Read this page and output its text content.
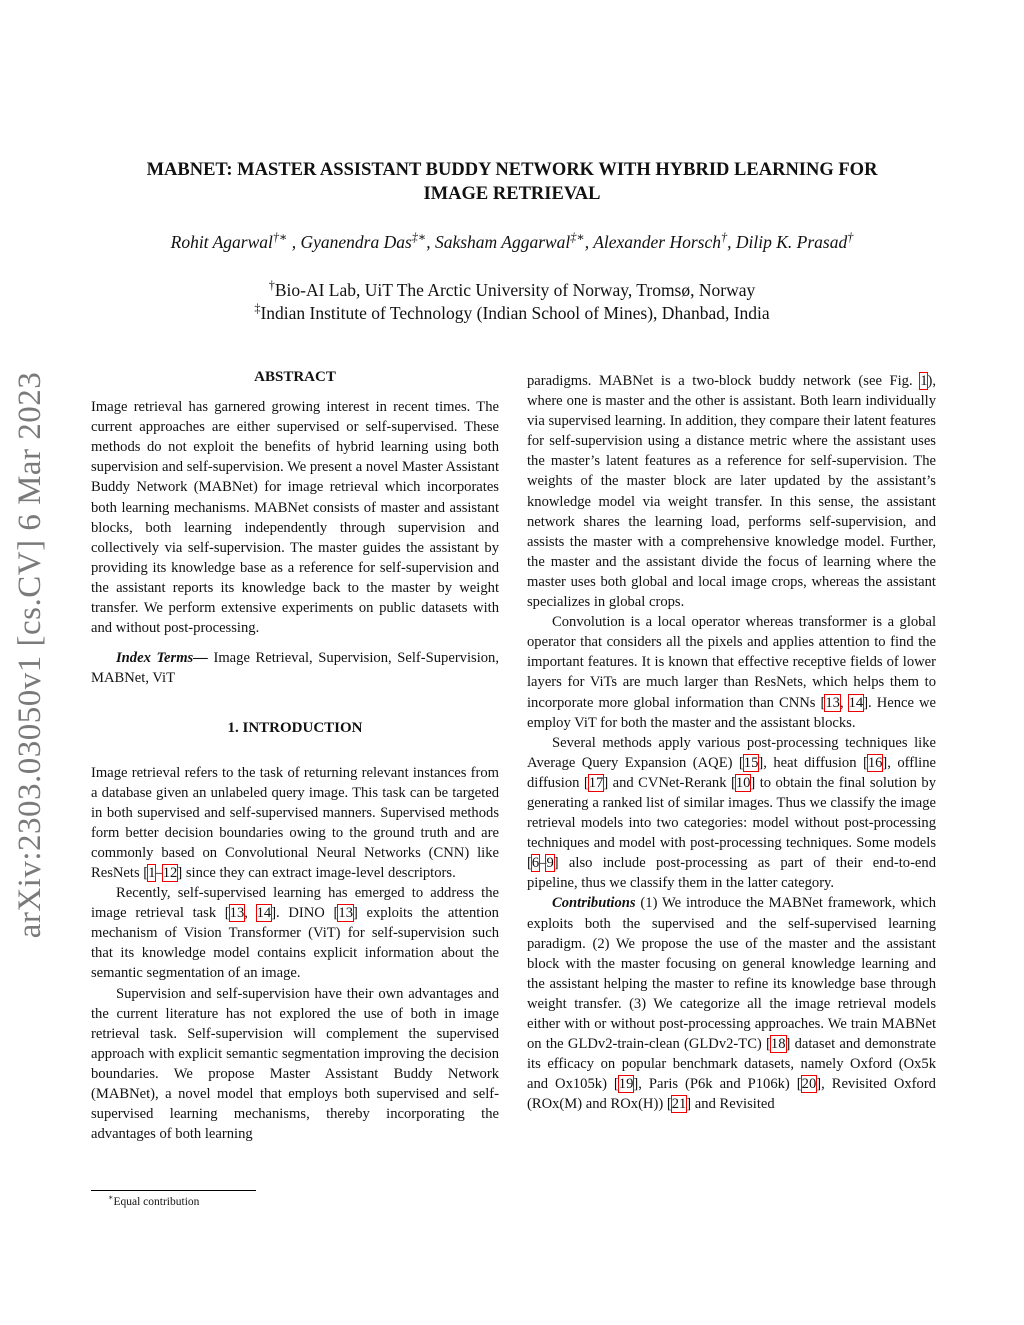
arXiv:2303.03050v1 [cs.CV] 6 Mar 2023
MABNET: MASTER ASSISTANT BUDDY NETWORK WITH HYBRID LEARNING FOR
IMAGE RETRIEVAL
Rohit Agarwal†∗ , Gyanendra Das‡∗, Saksham Aggarwal‡∗, Alexander Horsch†, Dilip K. Prasad†
†Bio-AI Lab, UiT The Arctic University of Norway, Tromsø, Norway
‡Indian Institute of Technology (Indian School of Mines), Dhanbad, India

ABSTRACT

Image retrieval has garnered growing interest in recent times. The current approaches are either supervised or self-supervised. These methods do not exploit the benefits of hybrid learning using both supervision and self-supervision. We present a novel Master Assistant Buddy Network (MABNet) for image retrieval which incorporates both learning mechanisms. MABNet consists of master and assistant blocks, both learning independently through supervision and collectively via self-supervision. The master guides the assistant by providing its knowledge base as a reference for self-supervision and the assistant reports its knowledge back to the master by weight transfer. We perform extensive experiments on public datasets with and without post-processing.

Index Terms— Image Retrieval, Supervision, Self-Supervision, MABNet, ViT

1. INTRODUCTION

Image retrieval refers to the task of returning relevant instances from a database given an unlabeled query image. This task can be targeted in both supervised and self-supervised manners. Supervised methods form better decision boundaries owing to the ground truth and are commonly based on Convolutional Neural Networks (CNN) like ResNets [1–12] since they can extract image-level descriptors.

Recently, self-supervised learning has emerged to address the image retrieval task [13, 14]. DINO [13] exploits the attention mechanism of Vision Transformer (ViT) for self-supervision such that its knowledge model contains explicit information about the semantic segmentation of an image.

Supervision and self-supervision have their own advantages and the current literature has not explored the use of both in image retrieval task. Self-supervision will complement the supervised approach with explicit semantic segmentation improving the decision boundaries. We propose Master Assistant Buddy Network (MABNet), a novel model that employs both supervised and self-supervised learning mechanisms, thereby incorporating the advantages of both learning

paradigms. MABNet is a two-block buddy network (see Fig. 1), where one is master and the other is assistant. Both learn individually via supervised learning. In addition, they compare their latent features for self-supervision using a distance metric where the assistant uses the master’s latent features as a reference for self-supervision. The weights of the master block are later updated by the assistant’s knowledge model via weight transfer. In this sense, the assistant network shares the learning load, performs self-supervision, and assists the master with a comprehensive knowledge model. Further, the master and the assistant divide the focus of learning where the master uses both global and local image crops, whereas the assistant specializes in global crops.

Convolution is a local operator whereas transformer is a global operator that considers all the pixels and applies attention to find the important features. It is known that effective receptive fields of lower layers for ViTs are much larger than ResNets, which helps them to incorporate more global information than CNNs [13, 14]. Hence we employ ViT for both the master and the assistant blocks.

Several methods apply various post-processing techniques like Average Query Expansion (AQE) [15], heat diffusion [16], offline diffusion [17] and CVNet-Rerank [10] to obtain the final solution by generating a ranked list of similar images. Thus we classify the image retrieval models into two categories: model without post-processing techniques and model with post-processing techniques. Some models [6–9] also include post-processing as part of their end-to-end pipeline, thus we classify them in the latter category.

Contributions (1) We introduce the MABNet framework, which exploits both the supervised and the self-supervised learning paradigm. (2) We propose the use of the master and the assistant block with the master focusing on general knowledge learning and the assistant helping the master to refine its knowledge base through weight transfer. (3) We categorize all the image retrieval models either with or without post-processing approaches. We train MABNet on the GLDv2-train-clean (GLDv2-TC) [18] dataset and demonstrate its efficacy on popular benchmark datasets, namely Oxford (Ox5k and Ox105k) [19], Paris (P6k and P106k) [20], Revisited Oxford (ROx(M) and ROx(H)) [21] and Revisited

∗Equal contribution
